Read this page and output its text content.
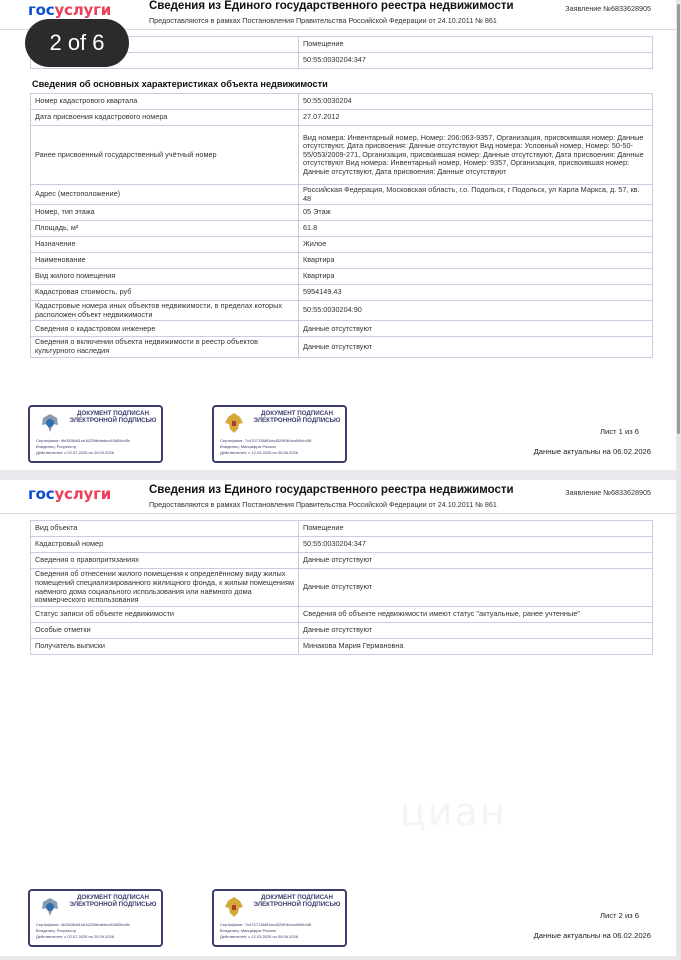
госуслуги	Сведения из Единого государственного реестра недвижимости
Предоставляются в рамках Постановления Правительства Российской Федерации от 24.10.2011 № 861
Заявление №6833628905
	Помещение
	50:55:0030204:347
Сведения об основных характеристиках объекта недвижимости
Номер кадастрового квартала	50:55:0030204
Дата присвоения кадастрового номера	27.07.2012
Ранее присвоенный государственный учётный номер	Вид номера: Инвентарный номер, Номер: 206:063-9357, Организация, присвоившая номер: Данные отсутствуют, Дата присвоения: Данные отсутствуют Вид номера: Условный номер, Номер: 50-50-55/053/2009-271, Организация, присвоившая номер: Данные отсутствуют, Дата присвоения: Данные отсутствуют Вид номера: Инвентарный номер, Номер: 9357, Организация, присвоившая номер: Данные отсутствуют, Дата присвоения: Данные отсутствуют
Адрес (местоположение)	Российская Федерация, Московская область, г.о. Подольск, г Подольск, ул Карла Маркса, д. 57, кв. 48
Номер, тип этажа	05 Этаж
Площадь, м²	61.8
Назначение	Жилое
Наименование	Квартира
Вид жилого помещения	Квартира
Кадастровая стоимость, руб	5954149.43
Кадастровые номера иных объектов недвижимости, в пределах которых расположен объект недвижимости	50:55:0030204:90
Сведения о кадастровом инженере	Данные отсутствуют
Сведения о включении объекта недвижимости в реестр объектов культурного наследия	Данные отсутствуют
ДОКУМЕНТ ПОДПИСАН ЭЛЕКТРОННОЙ ПОДПИСЬЮ
Сертификат: 4b0528d61cb1622fdbdebcc63d55ed3c
Владелец: Росреестр
Действителен: с 02.07.2025 по 25.09.2026
ДОКУМЕНТ ПОДПИСАН ЭЛЕКТРОННОЙ ПОДПИСЬЮ
Сертификат: 7c47071368f1dcd520f0b1eaf40eb45f
Владелец: Минцифры России
Действителен: с 12.03.2025 по 05.06.2026
Лист 1 из 6
Данные актуальны на 06.02.2026
госуслуги	Сведения из Единого государственного реестра недвижимости
Предоставляются в рамках Постановления Правительства Российской Федерации от 24.10.2011 № 861
Заявление №6833628905
Вид объекта	Помещение
Кадастровый номер	50:55:0030204:347
Сведения о правопритязаниях	Данные отсутствуют
Сведения об отнесении жилого помещения к определённому виду жилых помещений специализированного жилищного фонда, к жилым помещениям наёмного дома социального использования или наёмного дома коммерческого использования	Данные отсутствуют
Статус записи об объекте недвижимости	Сведения об объекте недвижимости имеют статус "актуальные, ранее учтенные"
Особые отметки	Данные отсутствуют
Получатель выписки	Минакова Мария Германовна
ДОКУМЕНТ ПОДПИСАН ЭЛЕКТРОННОЙ ПОДПИСЬЮ
Сертификат: 4b0528d61cb1622fdbdebcc63d55ed3c
Владелец: Росреестр
Действителен: с 02.07.2025 по 25.09.2026
ДОКУМЕНТ ПОДПИСАН ЭЛЕКТРОННОЙ ПОДПИСЬЮ
Сертификат: 7c47071368f1dcd520f0b1eaf40eb45f
Владелец: Минцифры России
Действителен: с 12.03.2025 по 05.06.2026
Лист 2 из 6
Данные актуальны на 06.02.2026
2 of 6
